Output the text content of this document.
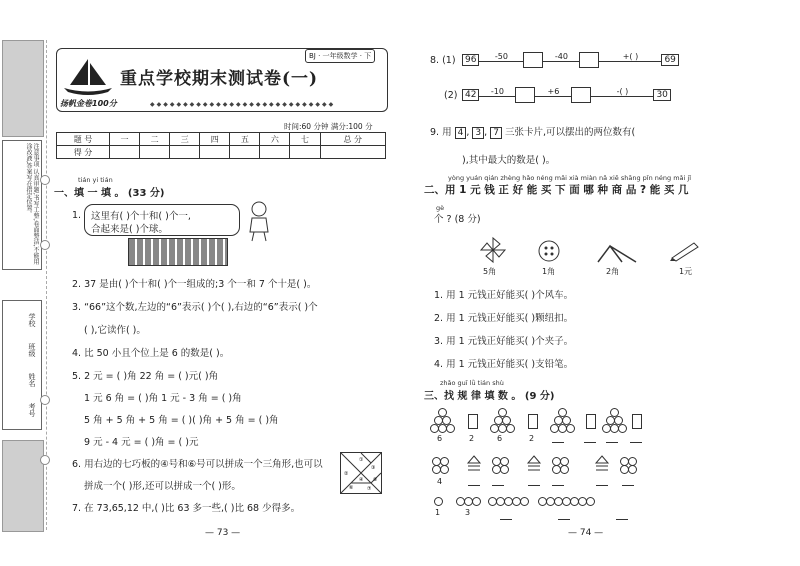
注意事项 认真审题,书写工整,卷面整洁,不能用涂改液,答案写在指定位置。
学校
班级
姓名
考号
BJ · 一年级数学 · 下
重点学校期末测试卷(一)
扬帆金卷100分	◆◆◆◆◆◆◆◆◆◆◆◆◆◆◆◆◆◆◆◆◆◆◆◆◆◆◆◆
时间:60 分钟 满分:100 分
题 号	一	二	三	四	五	六	七	总 分
得 分								
tián yi tián
一、填 一 填 。 (33 分)
1. 这里有( )个十和( )个一,
合起来是( )个球。
2. 37 是由( )个十和( )个一组成的;3 个一和 7 个十是( )。
3. “66”这个数,左边的“6”表示( )个( ),右边的“6”表示( )个
( ),它读作( )。
4. 比 50 小且个位上是 6 的数是( )。
5. 2 元 = ( )角 22 角 = ( )元( )角
1 元 6 角 = ( )角 1 元 - 3 角 = ( )角
5 角 + 5 角 + 5 角 = ( )( )角 + 5 角 = ( )角
9 元 - 4 元 = ( )角 = ( )元
6. 用右边的七巧板的④号和⑥号可以拼成一个三角形,也可以
拼成一个( )形,还可以拼成一个( )形。
①
②
③
④ ⑤
⑥	⑦
7. 在 73,65,12 中,( )比 63 多一些,( )比 68 少得多。
— 73 —
8. (1)	96	-50	-40	+( )	69
(2) 42	-10	+6	-( )	30
9. 用 4 , 3 , 7 三张卡片,可以摆出的两位数有(
),其中最大的数是( )。
yòng yuán qián zhèng hǎo néng mǎi xià miàn nǎ xiē shāng pǐn néng mǎi jǐ
二、用 1 元 钱 正 好 能 买 下 面 哪 种 商 品 ? 能 买 几
gè
个 ? (8 分)
5角	1角	2角	1元
1. 用 1 元钱正好能买( )个风车。
2. 用 1 元钱正好能买( )颗纽扣。
3. 用 1 元钱正好能买( )个夹子。
4. 用 1 元钱正好能买( )支铅笔。
zhǎo guī lǜ tián shù
三、找 规 律 填 数 。 (9 分)
6	2	6	2
4
1	3
— 74 —
